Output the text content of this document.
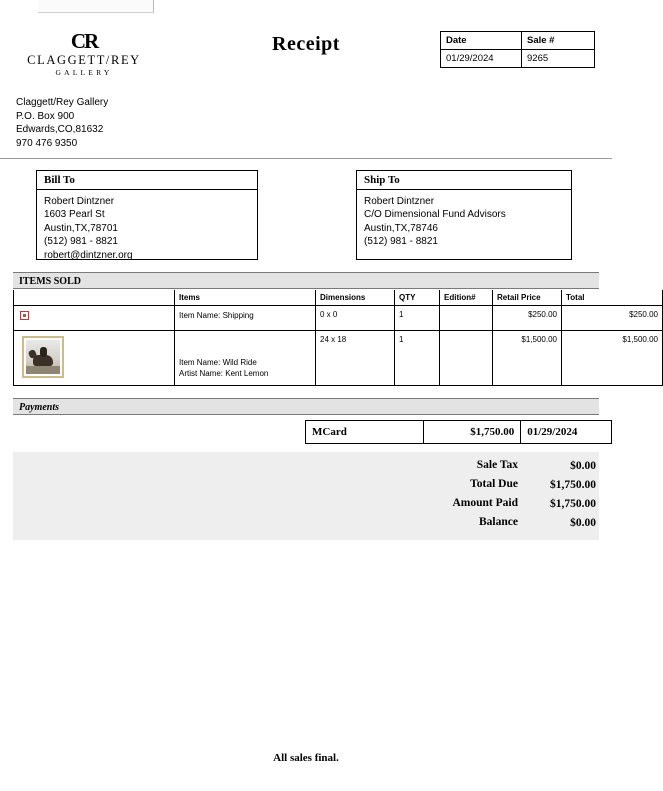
CR
CLAGGETT/REY
GALLERY
Receipt	Date	Sale #
01/29/2024	9265
Claggett/Rey Gallery
P.O. Box 900
Edwards,CO,81632
970 476 9350
Bill To
Robert Dintzner
1603 Pearl St
Austin,TX,78701
(512) 981 - 8821
robert@dintzner.org
Ship To
Robert Dintzner
C/O Dimensional Fund Advisors
Austin,TX,78746
(512) 981 - 8821
ITEMS SOLD
	Items	Dimensions	QTY	Edition#	Retail Price	Total

	Item Name: Shipping	0 x 0	1		$250.00	$250.00

	Item Name: Wild Ride
Artist Name: Kent Lemon	24 x 18	1		$1,500.00	$1,500.00
Payments
MCard	$1,750.00	01/29/2024
Sale Tax	$0.00
Total Due	$1,750.00
Amount Paid	$1,750.00
Balance	$0.00
All sales final.
